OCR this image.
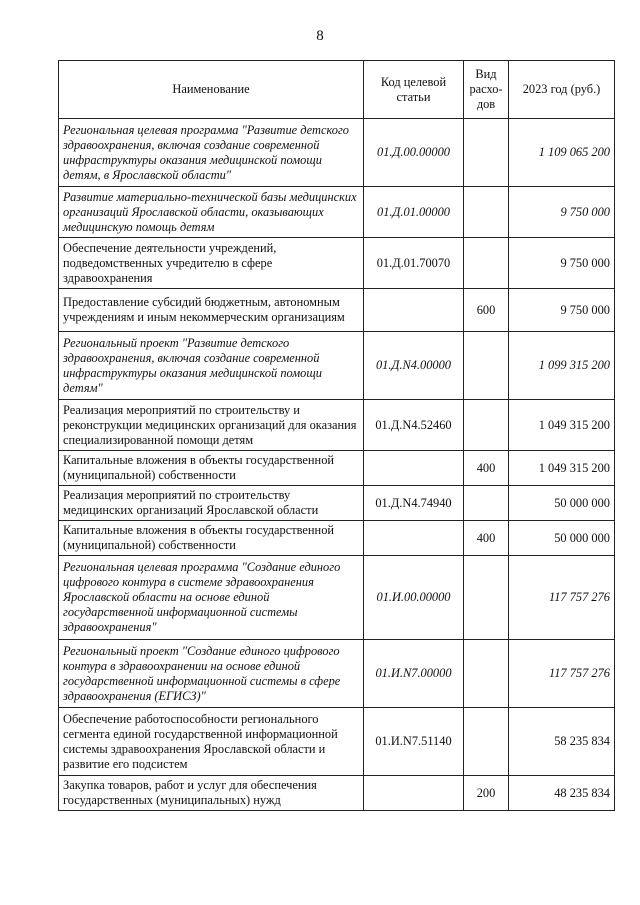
8
Наименование	Код целевой статьи	Вид расхо-дов	2023 год (руб.)
Региональная целевая программа "Развитие детского здравоохранения, включая создание современной инфраструктуры оказания медицинской помощи детям, в Ярославской области"	01.Д.00.00000		1 109 065 200
Развитие материально-технической базы медицинских организаций Ярославской области, оказывающих медицинскую помощь детям	01.Д.01.00000		9 750 000
Обеспечение деятельности учреждений, подведомственных учредителю в сфере здравоохранения	01.Д.01.70070		9 750 000
Предоставление субсидий бюджетным, автономным учреждениям и иным некоммерческим организациям		600	9 750 000
Региональный проект "Развитие детского здравоохранения, включая создание современной инфраструктуры оказания медицинской помощи детям"	01.Д.N4.00000		1 099 315 200
Реализация мероприятий по строительству и реконструкции медицинских организаций для оказания специализированной помощи детям	01.Д.N4.52460		1 049 315 200
Капитальные вложения в объекты государственной (муниципальной) собственности		400	1 049 315 200
Реализация мероприятий по строительству медицинских организаций Ярославской области	01.Д.N4.74940		50 000 000
Капитальные вложения в объекты государственной (муниципальной) собственности		400	50 000 000
Региональная целевая программа "Создание единого цифрового контура в системе здравоохранения Ярославской области на основе единой государственной информационной системы здравоохранения"	01.И.00.00000		117 757 276
Региональный проект "Создание единого цифрового контура в здравоохранении на основе единой государственной информационной системы в сфере здравоохранения (ЕГИСЗ)"	01.И.N7.00000		117 757 276
Обеспечение работоспособности регионального сегмента единой государственной информационной системы здравоохранения Ярославской области и развитие его подсистем	01.И.N7.51140		58 235 834
Закупка товаров, работ и услуг для обеспечения государственных (муниципальных) нужд		200	48 235 834
